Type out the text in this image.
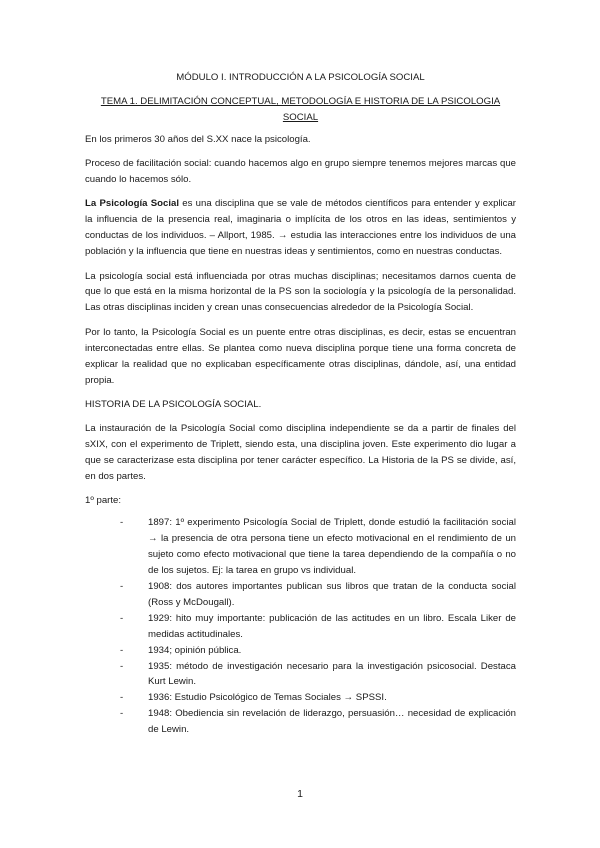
MÓDULO I. INTRODUCCIÓN A LA PSICOLOGÍA SOCIAL
TEMA 1. DELIMITACIÓN CONCEPTUAL, METODOLOGÍA E HISTORIA DE LA PSICOLOGIA SOCIAL

En los primeros 30 años del S.XX nace la psicología.

Proceso de facilitación social: cuando hacemos algo en grupo siempre tenemos mejores marcas que cuando lo hacemos sólo.

La Psicología Social es una disciplina que se vale de métodos científicos para entender y explicar la influencia de la presencia real, imaginaria o implícita de los otros en las ideas, sentimientos y conductas de los individuos. – Allport, 1985. → estudia las interacciones entre los individuos de una población y la influencia que tiene en nuestras ideas y sentimientos, como en nuestras conductas.

La psicología social está influenciada por otras muchas disciplinas; necesitamos darnos cuenta de que lo que está en la misma horizontal de la PS son la sociología y la psicología de la personalidad. Las otras disciplinas inciden y crean unas consecuencias alrededor de la Psicología Social.

Por lo tanto, la Psicología Social es un puente entre otras disciplinas, es decir, estas se encuentran interconectadas entre ellas. Se plantea como nueva disciplina porque tiene una forma concreta de explicar la realidad que no explicaban específicamente otras disciplinas, dándole, así, una entidad propia.

HISTORIA DE LA PSICOLOGÍA SOCIAL.

La instauración de la Psicología Social como disciplina independiente se da a partir de finales del sXIX, con el experimento de Triplett, siendo esta, una disciplina joven. Este experimento dio lugar a que se caracterizase esta disciplina por tener carácter específico. La Historia de la PS se divide, así, en dos partes.

1º parte:

-	1897: 1º experimento Psicología Social de Triplett, donde estudió la facilitación social → la presencia de otra persona tiene un efecto motivacional en el rendimiento de un sujeto como efecto motivacional que tiene la tarea dependiendo de la compañía o no de los sujetos. Ej: la tarea en grupo vs individual.
-	1908: dos autores importantes publican sus libros que tratan de la conducta social (Ross y McDougall).
-	1929: hito muy importante: publicación de las actitudes en un libro. Escala Liker de medidas actitudinales.
-	1934; opinión pública.
-	1935: método de investigación necesario para la investigación psicosocial. Destaca Kurt Lewin.
-	1936: Estudio Psicológico de Temas Sociales → SPSSI.
-	1948: Obediencia sin revelación de liderazgo, persuasión… necesidad de explicación de Lewin.
1
